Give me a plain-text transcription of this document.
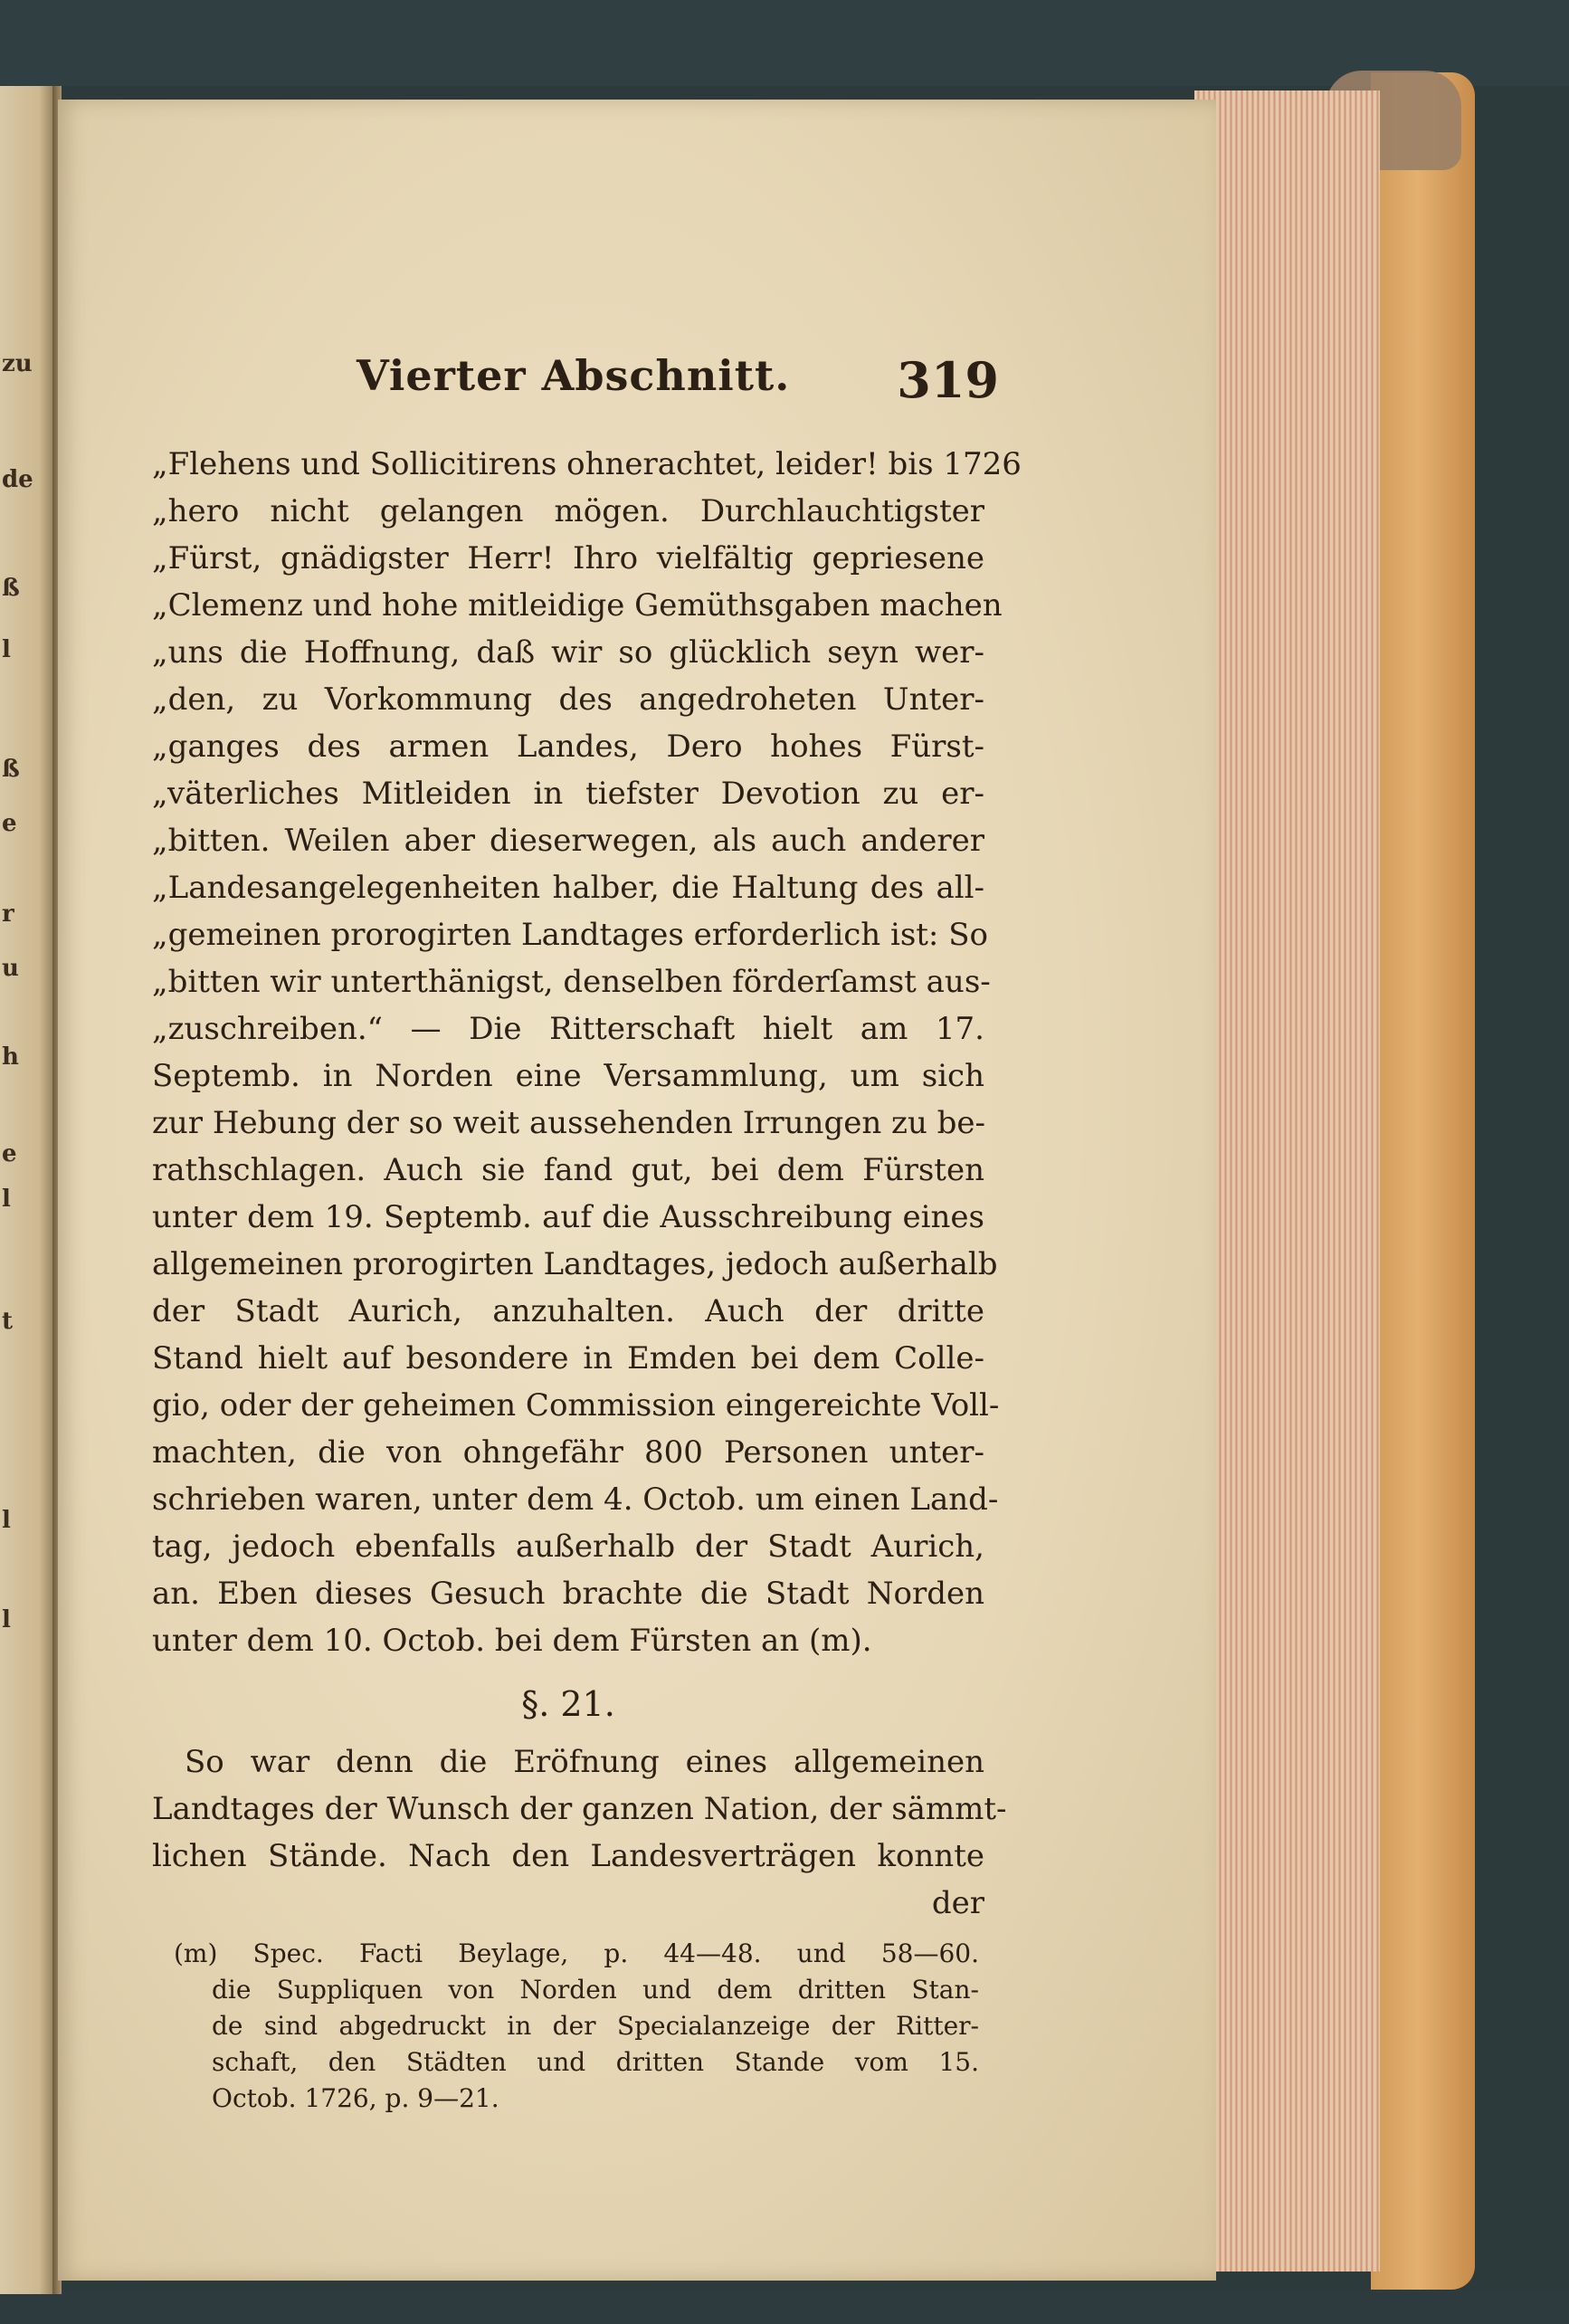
zu
de
ß
l
ß
e
r
u
h
e
l
t
l
l
Vierter Abschnitt.	319
„Flehens und Sollicitirens ohnerachtet, leider! bis 1726
„hero nicht gelangen mögen. Durchlauchtigster
„Fürst, gnädigster Herr! Ihro vielfältig gepriesene
„Clemenz und hohe mitleidige Gemüthsgaben machen
„uns die Hoffnung, daß wir so glücklich seyn wer-
„den, zu Vorkommung des angedroheten Unter-
„ganges des armen Landes, Dero hohes Fürst-
„väterliches Mitleiden in tiefster Devotion zu er-
„bitten. Weilen aber dieserwegen, als auch anderer
„Landesangelegenheiten halber, die Haltung des all-
„gemeinen prorogirten Landtages erforderlich ist: So
„bitten wir unterthänigst, denselben förderſamst aus-
„zuschreiben.“ — Die Ritterschaft hielt am 17.
Septemb. in Norden eine Versammlung, um sich
zur Hebung der so weit aussehenden Irrungen zu be-
rathschlagen. Auch sie fand gut, bei dem Fürsten
unter dem 19. Septemb. auf die Ausschreibung eines
allgemeinen prorogirten Landtages, jedoch außerhalb
der Stadt Aurich, anzuhalten. Auch der dritte
Stand hielt auf besondere in Emden bei dem Colle-
gio, oder der geheimen Commission eingereichte Voll-
machten, die von ohngefähr 800 Personen unter-
schrieben waren, unter dem 4. Octob. um einen Land-
tag, jedoch ebenfalls außerhalb der Stadt Aurich,
an. Eben dieses Gesuch brachte die Stadt Norden
unter dem 10. Octob. bei dem Fürsten an (m).
§. 21.
So war denn die Eröfnung eines allgemeinen
Landtages der Wunsch der ganzen Nation, der sämmt-
lichen Stände. Nach den Landesverträgen konnte
der
(m) Spec. Facti Beylage, p. 44—48. und 58—60.
die Suppliquen von Norden und dem dritten Stan-
de sind abgedruckt in der Specialanzeige der Ritter-
schaft, den Städten und dritten Stande vom 15.
Octob. 1726, p. 9—21.
